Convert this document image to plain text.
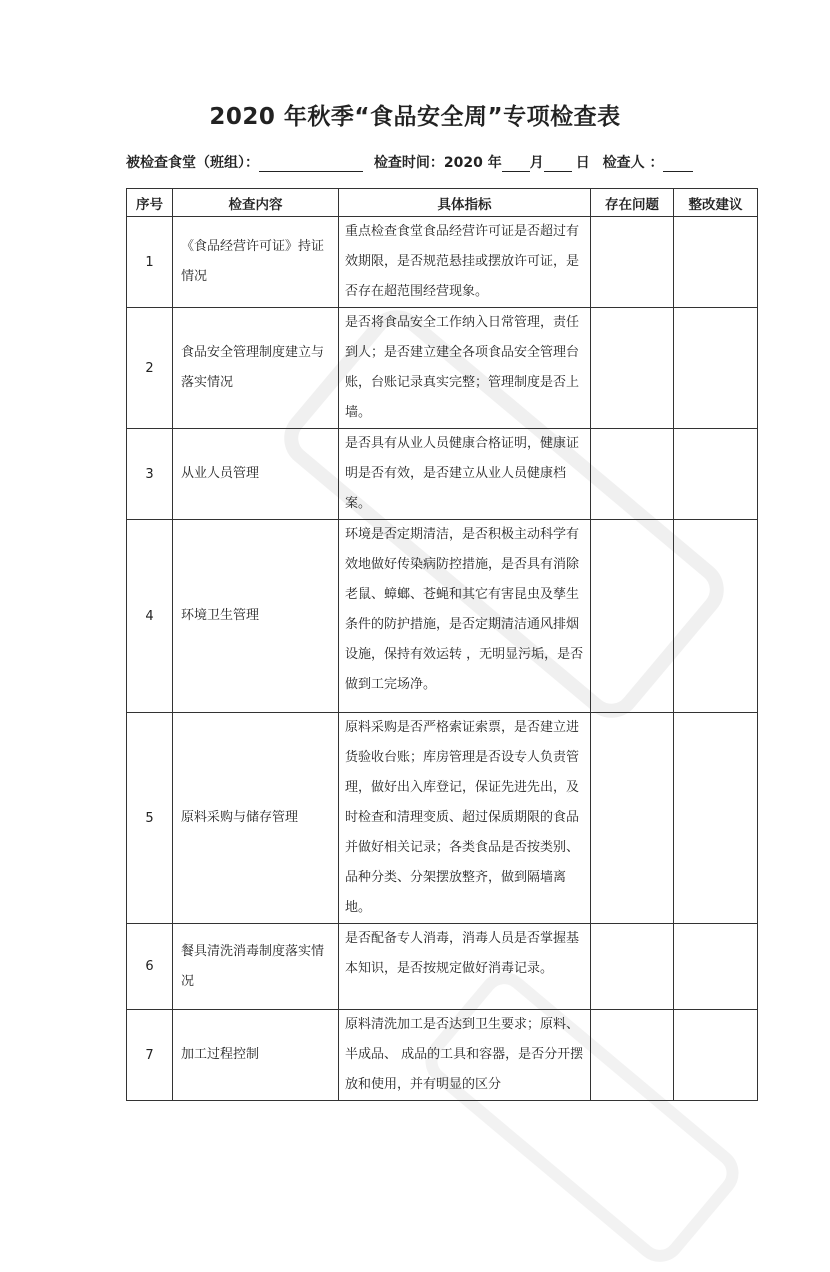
2020 年秋季“食品安全周”专项检查表
被检查食堂（班组）：	检查时间：2020 年 月 日 检查人 ：
序号	检查内容	具体指标	存在问题	整改建议
1	《食品经营许可证》持证情况	重点检查食堂食品经营许可证是否超过有效期限，是否规范悬挂或摆放许可证，是否存在超范围经营现象。		
2	食品安全管理制度建立与落实情况	是否将食品安全工作纳入日常管理，责任到人；是否建立建全各项食品安全管理台账，台账记录真实完整；管理制度是否上墙。		
3	从业人员管理	是否具有从业人员健康合格证明，健康证明是否有效，是否建立从业人员健康档案。		
4	环境卫生管理	环境是否定期清洁，是否积极主动科学有效地做好传染病防控措施，是否具有消除老鼠、蟑螂、苍蝇和其它有害昆虫及孳生条件的防护措施，是否定期清洁通风排烟设施，保持有效运转 ，无明显污垢，是否做到工完场净。		
5	原料采购与储存管理	原料采购是否严格索证索票，是否建立进货验收台账；库房管理是否设专人负责管理，做好出入库登记，保证先进先出，及时检查和清理变质、超过保质期限的食品并做好相关记录；各类食品是否按类别、品种分类、分架摆放整齐，做到隔墙离地。		
6	餐具清洗消毒制度落实情况	是否配备专人消毒，消毒人员是否掌握基本知识，是否按规定做好消毒记录。		
7	加工过程控制	原料清洗加工是否达到卫生要求；原料、半成品、 成品的工具和容器，是否分开摆放和使用，并有明显的区分		
